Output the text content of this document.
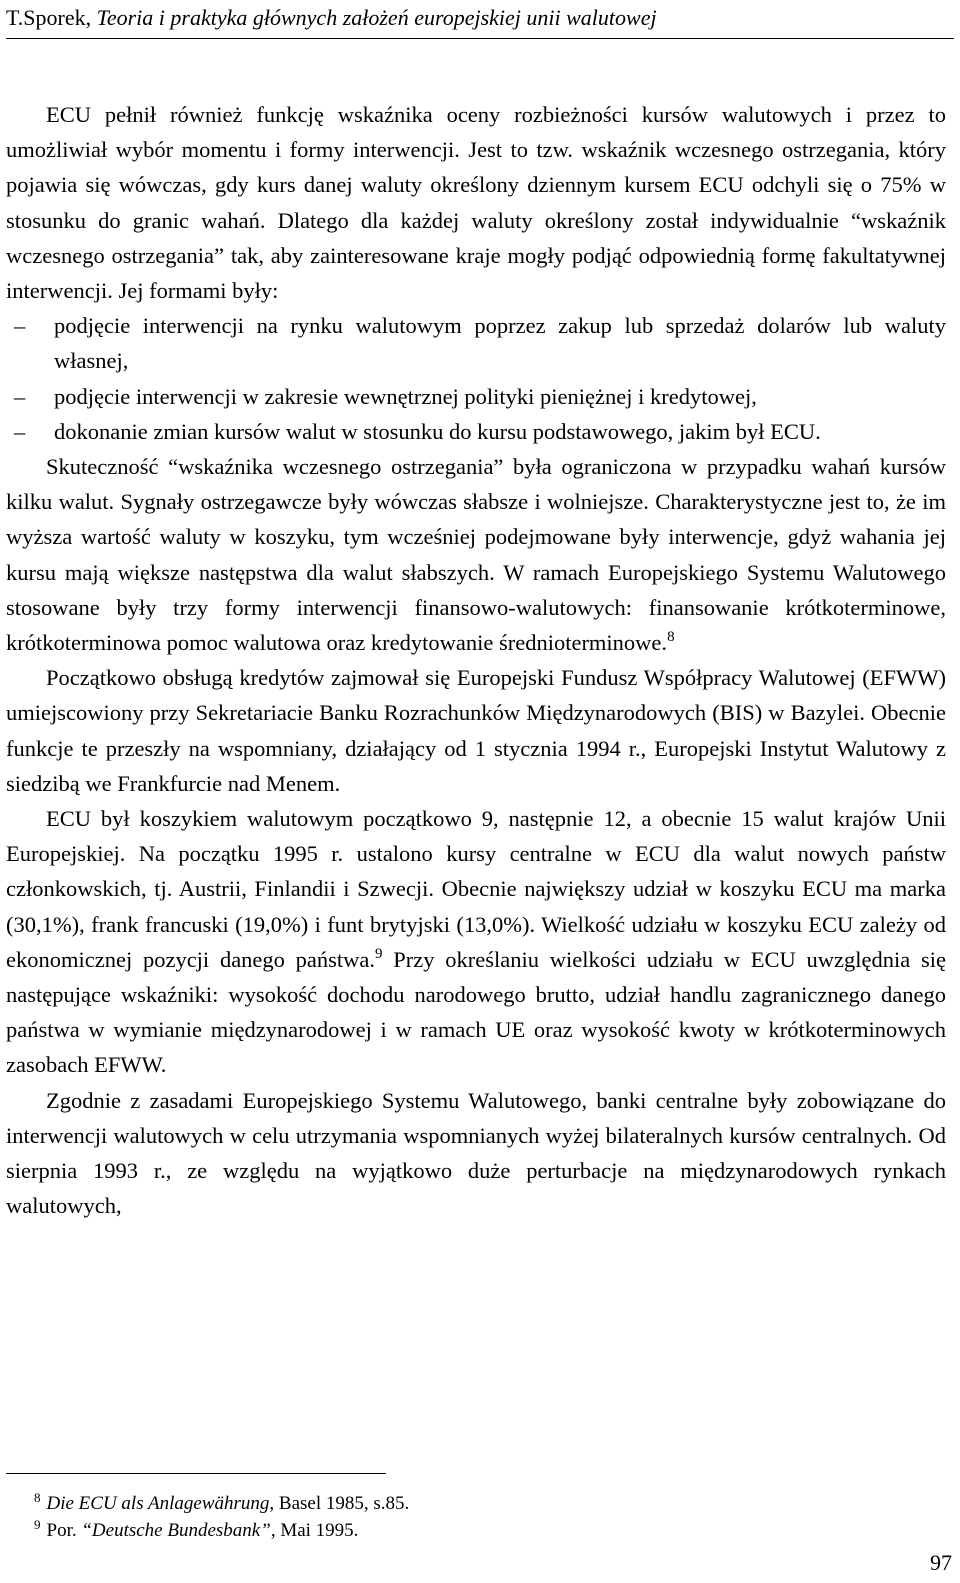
T.Sporek, Teoria i praktyka głównych założeń europejskiej unii walutowej

ECU pełnił również funkcję wskaźnika oceny rozbieżności kursów walutowych i przez to umożliwiał wybór momentu i formy interwencji. Jest to tzw. wskaźnik wczesnego ostrzegania, który pojawia się wówczas, gdy kurs danej waluty określony dziennym kursem ECU odchyli się o 75% w stosunku do granic wahań. Dlatego dla każdej waluty określony został indywidualnie “wskaźnik wczesnego ostrzegania” tak, aby zainteresowane kraje mogły podjąć odpowiednią formę fakultatywnej interwencji. Jej formami były:

– podjęcie interwencji na rynku walutowym poprzez zakup lub sprzedaż dolarów lub waluty własnej,
– podjęcie interwencji w zakresie wewnętrznej polityki pieniężnej i kredytowej,
– dokonanie zmian kursów walut w stosunku do kursu podstawowego, jakim był ECU.

Skuteczność “wskaźnika wczesnego ostrzegania” była ograniczona w przypadku wahań kursów kilku walut. Sygnały ostrzegawcze były wówczas słabsze i wolniejsze. Charakterystyczne jest to, że im wyższa wartość waluty w koszyku, tym wcześniej podejmowane były interwencje, gdyż wahania jej kursu mają większe następstwa dla walut słabszych. W ramach Europejskiego Systemu Walutowego stosowane były trzy formy interwencji finansowo-walutowych: finansowanie krótkoterminowe, krótkoterminowa pomoc walutowa oraz kredytowanie średnioterminowe.$^8$

Początkowo obsługą kredytów zajmował się Europejski Fundusz Współpracy Walutowej (EFWW) umiejscowiony przy Sekretariacie Banku Rozrachunków Międzynarodowych (BIS) w Bazylei. Obecnie funkcje te przeszły na wspomniany, działający od 1 stycznia 1994 r., Europejski Instytut Walutowy z siedzibą we Frankfurcie nad Menem.

ECU był koszykiem walutowym początkowo 9, następnie 12, a obecnie 15 walut krajów Unii Europejskiej. Na początku 1995 r. ustalono kursy centralne w ECU dla walut nowych państw członkowskich, tj. Austrii, Finlandii i Szwecji. Obecnie największy udział w koszyku ECU ma marka (30,1%), frank francuski (19,0%) i funt brytyjski (13,0%). Wielkość udziału w koszyku ECU zależy od ekonomicznej pozycji danego państwa.$^9$ Przy określaniu wielkości udziału w ECU uwzględnia się następujące wskaźniki: wysokość dochodu narodowego brutto, udział handlu zagranicznego danego państwa w wymianie międzynarodowej i w ramach UE oraz wysokość kwoty w krótkoterminowych zasobach EFWW.

Zgodnie z zasadami Europejskiego Systemu Walutowego, banki centralne były zobowiązane do interwencji walutowych w celu utrzymania wspomnianych wyżej bilateralnych kursów centralnych. Od sierpnia 1993 r., ze względu na wyjątkowo duże perturbacje na międzynarodowych rynkach walutowych,

$^8$ Die ECU als Anlagewährung, Basel 1985, s.85.

$^9$ Por. “Deutsche Bundesbank”, Mai 1995.

97
